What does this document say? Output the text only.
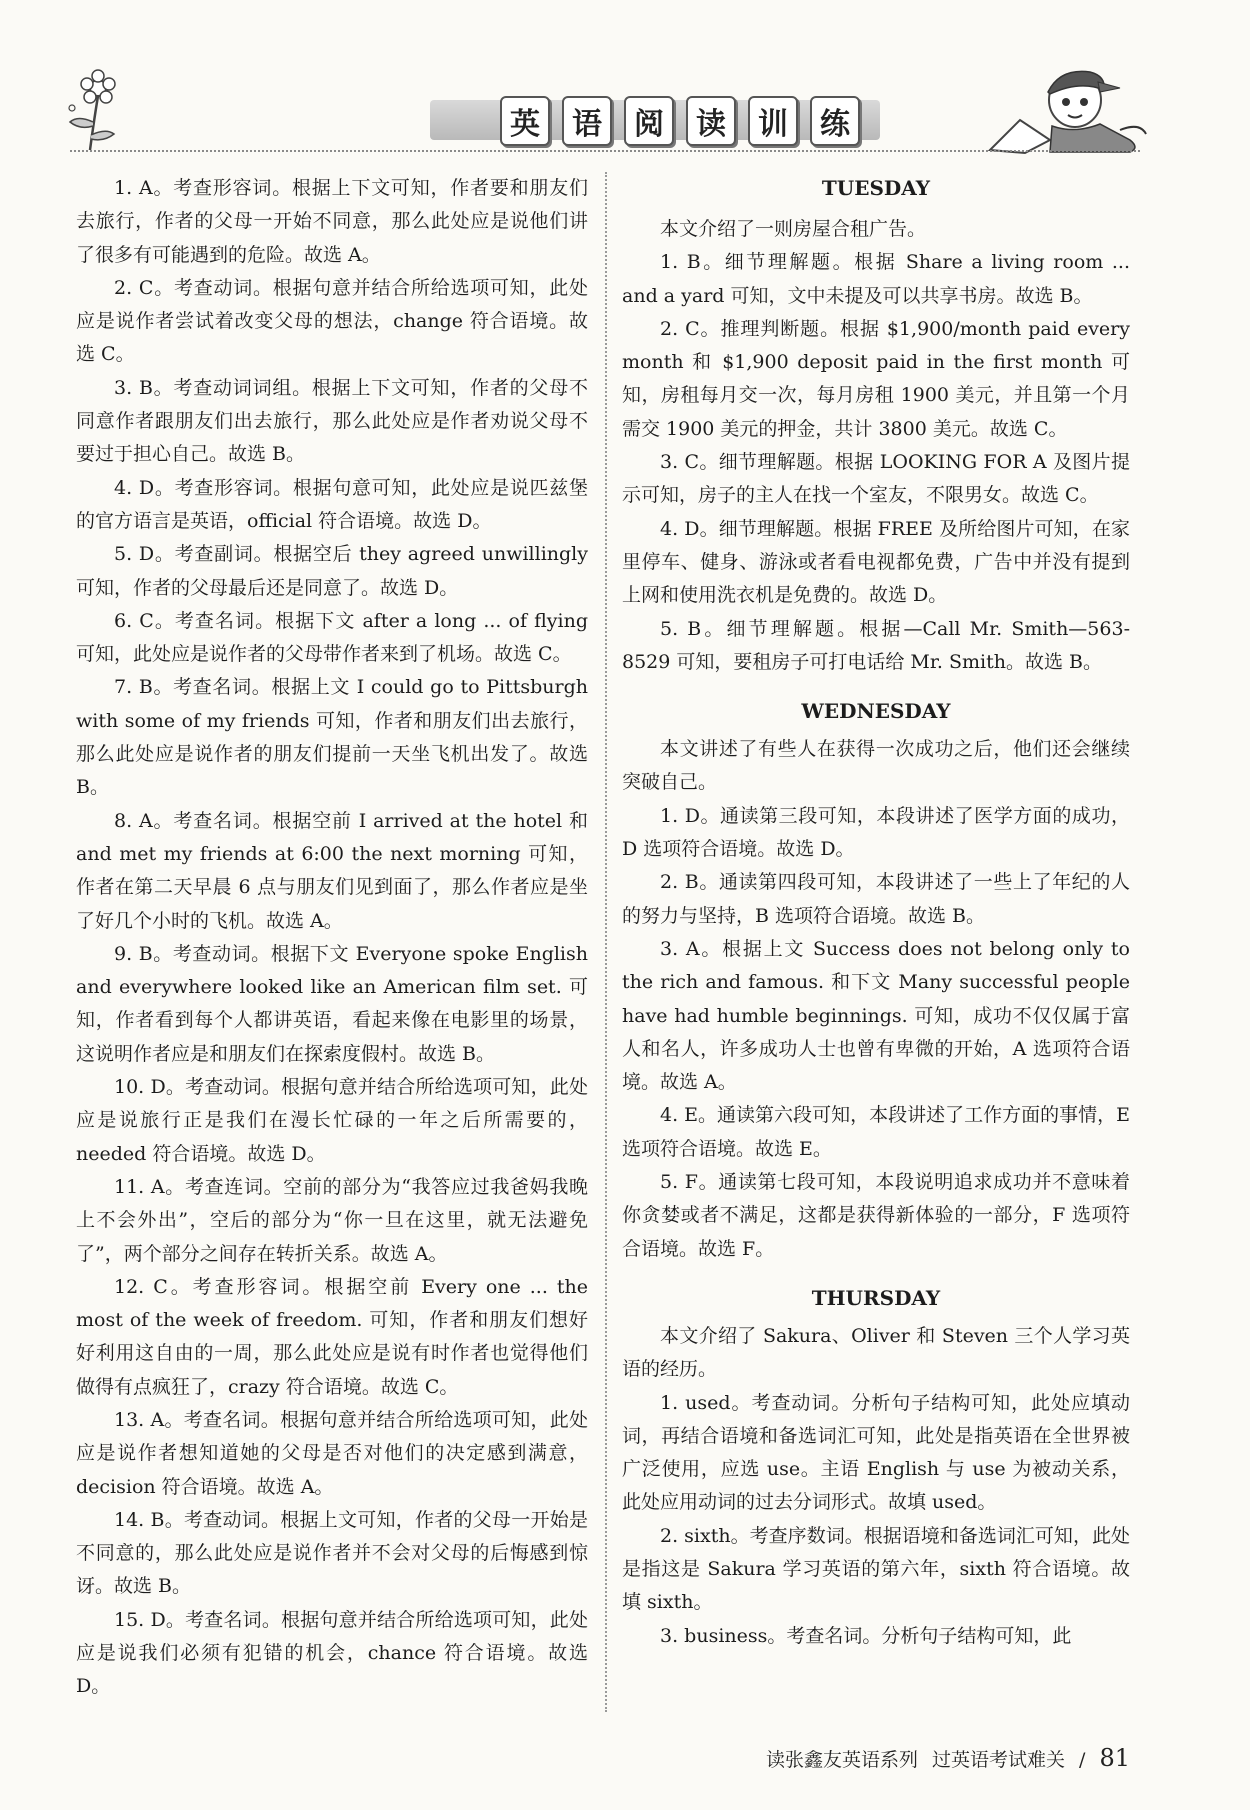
英	语	阅	读	训	练

1. A。考查形容词。根据上下文可知，作者要和朋友们去旅行，作者的父母一开始不同意，那么此处应是说他们讲了很多有可能遇到的危险。故选 A。

2. C。考查动词。根据句意并结合所给选项可知，此处应是说作者尝试着改变父母的想法，change 符合语境。故选 C。

3. B。考查动词词组。根据上下文可知，作者的父母不同意作者跟朋友们出去旅行，那么此处应是作者劝说父母不要过于担心自己。故选 B。

4. D。考查形容词。根据句意可知，此处应是说匹兹堡的官方语言是英语，official 符合语境。故选 D。

5. D。考查副词。根据空后 they agreed unwillingly 可知，作者的父母最后还是同意了。故选 D。

6. C。考查名词。根据下文 after a long ... of flying 可知，此处应是说作者的父母带作者来到了机场。故选 C。

7. B。考查名词。根据上文 I could go to Pittsburgh with some of my friends 可知，作者和朋友们出去旅行，那么此处应是说作者的朋友们提前一天坐飞机出发了。故选 B。

8. A。考查名词。根据空前 I arrived at the hotel 和 and met my friends at 6:00 the next morning 可知，作者在第二天早晨 6 点与朋友们见到面了，那么作者应是坐了好几个小时的飞机。故选 A。

9. B。考查动词。根据下文 Everyone spoke English and everywhere looked like an American film set. 可知，作者看到每个人都讲英语，看起来像在电影里的场景，这说明作者应是和朋友们在探索度假村。故选 B。

10. D。考查动词。根据句意并结合所给选项可知，此处应是说旅行正是我们在漫长忙碌的一年之后所需要的，needed 符合语境。故选 D。

11. A。考查连词。空前的部分为“我答应过我爸妈我晚上不会外出”，空后的部分为“你一旦在这里，就无法避免了”，两个部分之间存在转折关系。故选 A。

12. C。考查形容词。根据空前 Every one ... the most of the week of freedom. 可知，作者和朋友们想好好利用这自由的一周，那么此处应是说有时作者也觉得他们做得有点疯狂了，crazy 符合语境。故选 C。

13. A。考查名词。根据句意并结合所给选项可知，此处应是说作者想知道她的父母是否对他们的决定感到满意，decision 符合语境。故选 A。

14. B。考查动词。根据上文可知，作者的父母一开始是不同意的，那么此处应是说作者并不会对父母的后悔感到惊讶。故选 B。

15. D。考查名词。根据句意并结合所给选项可知，此处应是说我们必须有犯错的机会，chance 符合语境。故选 D。

TUESDAY

本文介绍了一则房屋合租广告。

1. B。细节理解题。根据 Share a living room ... and a yard 可知，文中未提及可以共享书房。故选 B。

2. C。推理判断题。根据 $1,900/month paid every month 和 $1,900 deposit paid in the first month 可知，房租每月交一次，每月房租 1900 美元，并且第一个月需交 1900 美元的押金，共计 3800 美元。故选 C。

3. C。细节理解题。根据 LOOKING FOR A 及图片提示可知，房子的主人在找一个室友，不限男女。故选 C。

4. D。细节理解题。根据 FREE 及所给图片可知，在家里停车、健身、游泳或者看电视都免费，广告中并没有提到上网和使用洗衣机是免费的。故选 D。

5. B。细节理解题。根据—Call Mr. Smith—563-8529 可知，要租房子可打电话给 Mr. Smith。故选 B。

WEDNESDAY

本文讲述了有些人在获得一次成功之后，他们还会继续突破自己。

1. D。通读第三段可知，本段讲述了医学方面的成功，D 选项符合语境。故选 D。

2. B。通读第四段可知，本段讲述了一些上了年纪的人的努力与坚持，B 选项符合语境。故选 B。

3. A。根据上文 Success does not belong only to the rich and famous. 和下文 Many successful people have had humble beginnings. 可知，成功不仅仅属于富人和名人，许多成功人士也曾有卑微的开始，A 选项符合语境。故选 A。

4. E。通读第六段可知，本段讲述了工作方面的事情，E 选项符合语境。故选 E。

5. F。通读第七段可知，本段说明追求成功并不意味着你贪婪或者不满足，这都是获得新体验的一部分，F 选项符合语境。故选 F。

THURSDAY

本文介绍了 Sakura、Oliver 和 Steven 三个人学习英语的经历。

1. used。考查动词。分析句子结构可知，此处应填动词，再结合语境和备选词汇可知，此处是指英语在全世界被广泛使用，应选 use。主语 English 与 use 为被动关系，此处应用动词的过去分词形式。故填 used。

2. sixth。考查序数词。根据语境和备选词汇可知，此处是指这是 Sakura 学习英语的第六年，sixth 符合语境。故填 sixth。

3. business。考查名词。分析句子结构可知，此

读张鑫友英语系列 过英语考试难关 / 81
